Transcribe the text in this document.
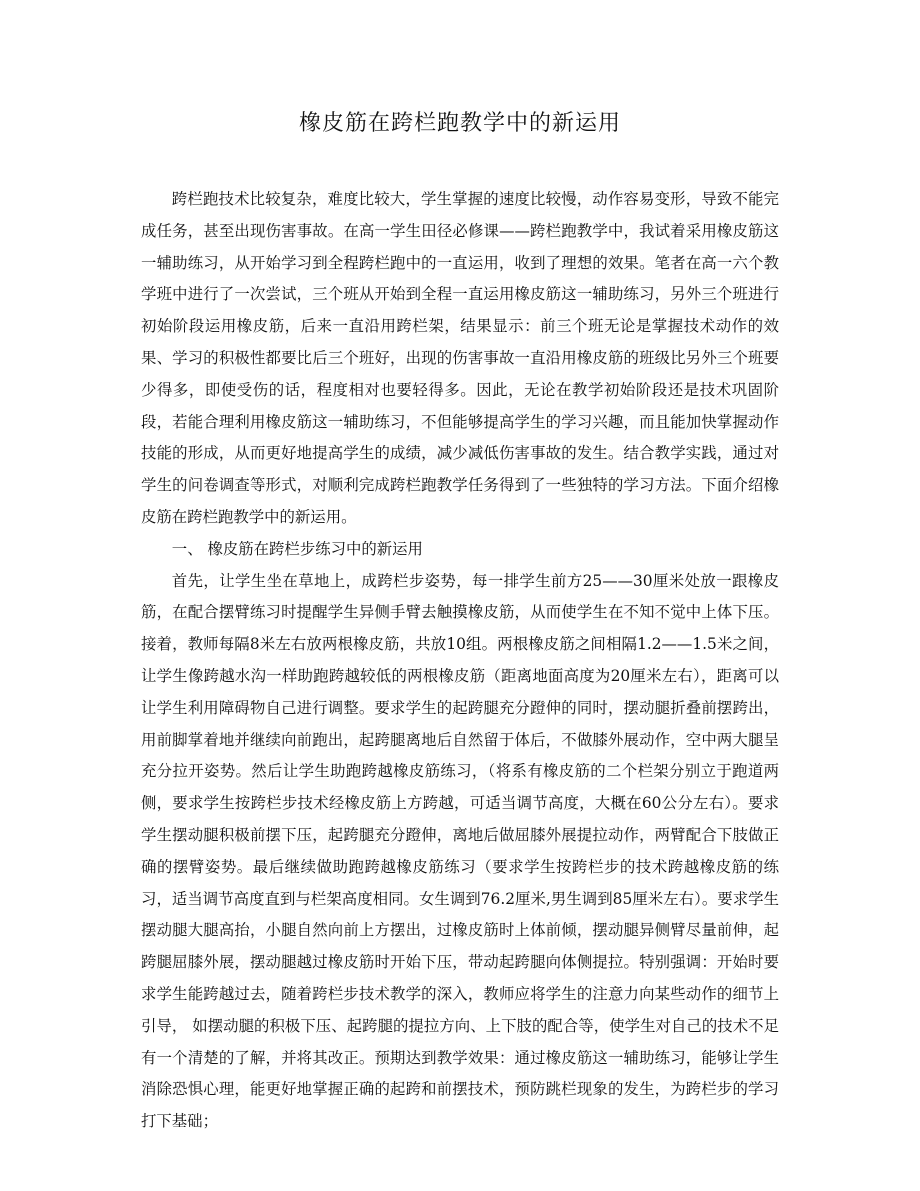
橡皮筋在跨栏跑教学中的新运用

跨栏跑技术比较复杂，难度比较大，学生掌握的速度比较慢，动作容易变形，导致不能完成任务，甚至出现伤害事故。在高一学生田径必修课——跨栏跑教学中，我试着采用橡皮筋这一辅助练习，从开始学习到全程跨栏跑中的一直运用，收到了理想的效果。笔者在高一六个教学班中进行了一次尝试，三个班从开始到全程一直运用橡皮筋这一辅助练习，另外三个班进行初始阶段运用橡皮筋，后来一直沿用跨栏架，结果显示：前三个班无论是掌握技术动作的效果、学习的积极性都要比后三个班好，出现的伤害事故一直沿用橡皮筋的班级比另外三个班要少得多，即使受伤的话，程度相对也要轻得多。因此，无论在教学初始阶段还是技术巩固阶段，若能合理利用橡皮筋这一辅助练习，不但能够提高学生的学习兴趣，而且能加快掌握动作技能的形成，从而更好地提高学生的成绩，减少减低伤害事故的发生。结合教学实践，通过对学生的问卷调查等形式，对顺利完成跨栏跑教学任务得到了一些独特的学习方法。下面介绍橡皮筋在跨栏跑教学中的新运用。

一、 橡皮筋在跨栏步练习中的新运用

首先，让学生坐在草地上，成跨栏步姿势，每一排学生前方25——30厘米处放一跟橡皮筋，在配合摆臂练习时提醒学生异侧手臂去触摸橡皮筋，从而使学生在不知不觉中上体下压。接着，教师每隔8米左右放两根橡皮筋，共放10组。两根橡皮筋之间相隔1.2——1.5米之间，让学生像跨越水沟一样助跑跨越较低的两根橡皮筋（距离地面高度为20厘米左右），距离可以让学生利用障碍物自己进行调整。要求学生的起跨腿充分蹬伸的同时，摆动腿折叠前摆跨出，用前脚掌着地并继续向前跑出，起跨腿离地后自然留于体后，不做膝外展动作，空中两大腿呈充分拉开姿势。然后让学生助跑跨越橡皮筋练习，（将系有橡皮筋的二个栏架分别立于跑道两侧，要求学生按跨栏步技术经橡皮筋上方跨越，可适当调节高度，大概在60公分左右）。要求学生摆动腿积极前摆下压，起跨腿充分蹬伸，离地后做屈膝外展提拉动作，两臂配合下肢做正确的摆臂姿势。最后继续做助跑跨越橡皮筋练习（要求学生按跨栏步的技术跨越橡皮筋的练习，适当调节高度直到与栏架高度相同。女生调到76.2厘米,男生调到85厘米左右）。要求学生摆动腿大腿高抬，小腿自然向前上方摆出，过橡皮筋时上体前倾，摆动腿异侧臂尽量前伸，起跨腿屈膝外展，摆动腿越过橡皮筋时开始下压，带动起跨腿向体侧提拉。特别强调：开始时要求学生能跨越过去，随着跨栏步技术教学的深入，教师应将学生的注意力向某些动作的细节上引导， 如摆动腿的积极下压、起跨腿的提拉方向、上下肢的配合等，使学生对自己的技术不足有一个清楚的了解，并将其改正。预期达到教学效果：通过橡皮筋这一辅助练习，能够让学生消除恐惧心理，能更好地掌握正确的起跨和前摆技术，预防跳栏现象的发生，为跨栏步的学习打下基础；
